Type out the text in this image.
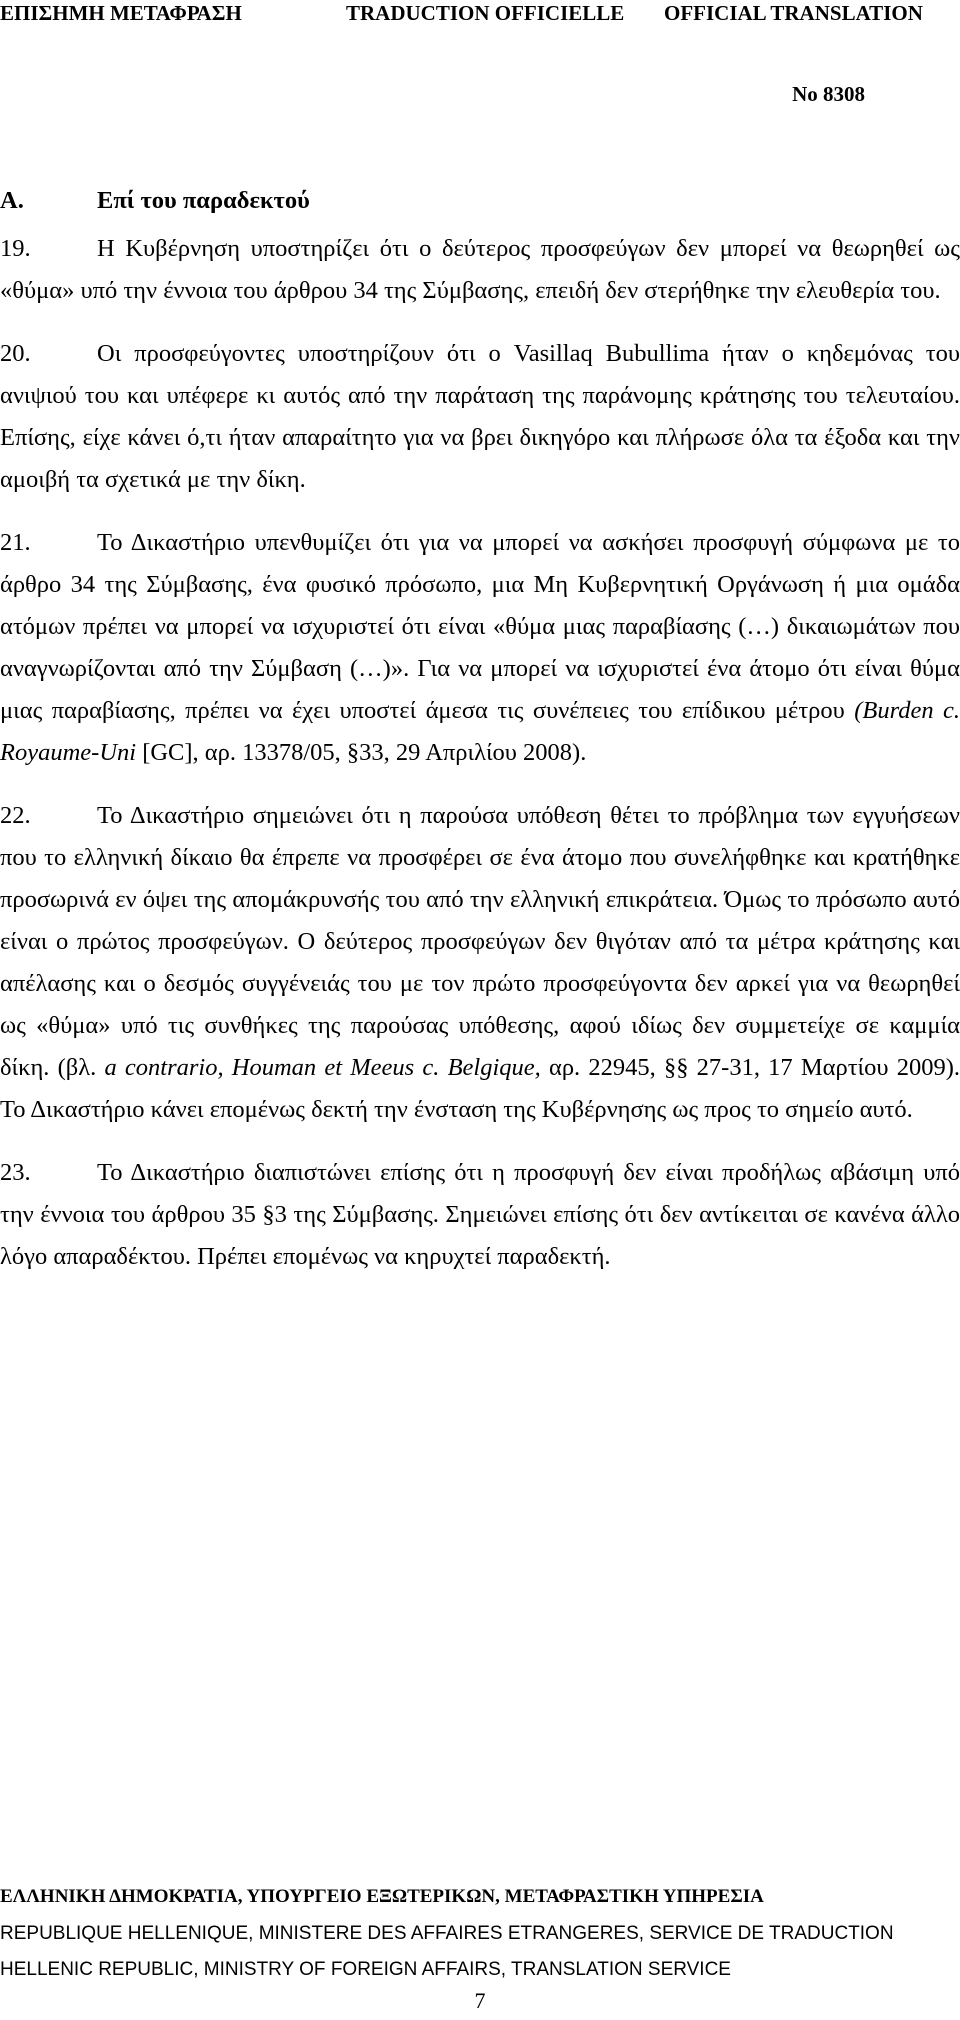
ΕΠΙΣΗΜΗ ΜΕΤΑΦΡΑΣΗ	TRADUCTION OFFICIELLE OFFICIAL TRANSLATION
No 8308
A.	Επί του παραδεκτού

19.	Η Κυβέρνηση υποστηρίζει ότι ο δεύτερος προσφεύγων δεν μπορεί να θεωρηθεί ως «θύμα» υπό την έννοια του άρθρου 34 της Σύμβασης, επειδή δεν στερήθηκε την ελευθερία του.

20.	Οι προσφεύγοντες υποστηρίζουν ότι ο Vasillaq Bubullima ήταν ο κηδεμόνας του ανιψιού του και υπέφερε κι αυτός από την παράταση της παράνομης κράτησης του τελευταίου. Επίσης, είχε κάνει ό,τι ήταν απαραίτητο για να βρει δικηγόρο και πλήρωσε όλα τα έξοδα και την αμοιβή τα σχετικά με την δίκη.

21.	Το Δικαστήριο υπενθυμίζει ότι για να μπορεί να ασκήσει προσφυγή σύμφωνα με το άρθρο 34 της Σύμβασης, ένα φυσικό πρόσωπο, μια Μη Κυβερνητική Οργάνωση ή μια ομάδα ατόμων πρέπει να μπορεί να ισχυριστεί ότι είναι «θύμα μιας παραβίασης (…) δικαιωμάτων που αναγνωρίζονται από την Σύμβαση (…)». Για να μπορεί να ισχυριστεί ένα άτομο ότι είναι θύμα μιας παραβίασης, πρέπει να έχει υποστεί άμεσα τις συνέπειες του επίδικου μέτρου (Burden c. Royaume-Uni [GC], αρ. 13378/05, §33, 29 Απριλίου 2008).

22.	Το Δικαστήριο σημειώνει ότι η παρούσα υπόθεση θέτει το πρόβλημα των εγγυήσεων που το ελληνική δίκαιο θα έπρεπε να προσφέρει σε ένα άτομο που συνελήφθηκε και κρατήθηκε προσωρινά εν όψει της απομάκρυνσής του από την ελληνική επικράτεια. Όμως το πρόσωπο αυτό είναι ο πρώτος προσφεύγων. Ο δεύτερος προσφεύγων δεν θιγόταν από τα μέτρα κράτησης και απέλασης και ο δεσμός συγγένειάς του με τον πρώτο προσφεύγοντα δεν αρκεί για να θεωρηθεί ως «θύμα» υπό τις συνθήκες της παρούσας υπόθεσης, αφού ιδίως δεν συμμετείχε σε καμμία δίκη. (βλ. a contrario, Houman et Meeus c. Belgique, αρ. 22945, §§ 27-31, 17 Μαρτίου 2009). Το Δικαστήριο κάνει επομένως δεκτή την ένσταση της Κυβέρνησης ως προς το σημείο αυτό.

23.	Το Δικαστήριο διαπιστώνει επίσης ότι η προσφυγή δεν είναι προδήλως αβάσιμη υπό την έννοια του άρθρου 35 §3 της Σύμβασης. Σημειώνει επίσης ότι δεν αντίκειται σε κανένα άλλο λόγο απαραδέκτου. Πρέπει επομένως να κηρυχτεί παραδεκτή.

ΕΛΛΗΝΙΚΗ ΔΗΜΟΚΡΑΤΙΑ, ΥΠΟΥΡΓΕΙΟ ΕΞΩΤΕΡΙΚΩΝ, ΜΕΤΑΦΡΑΣΤΙΚΗ ΥΠΗΡΕΣΙΑ
REPUBLIQUE HELLENIQUE, MINISTERE DES AFFAIRES ETRANGERES, SERVICE DE TRADUCTION
HELLENIC REPUBLIC, MINISTRY OF FOREIGN AFFAIRS, TRANSLATION SERVICE
7
